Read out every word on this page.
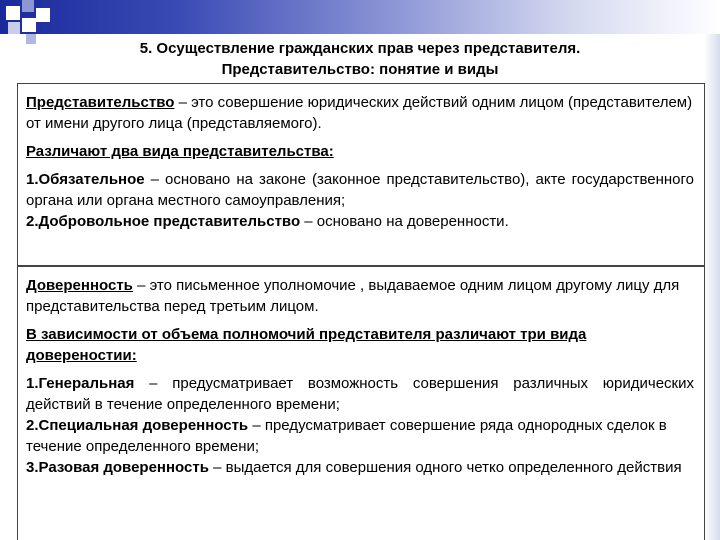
5. Осуществление гражданских прав через представителя.
Представительство: понятие и виды

Представительство – это совершение юридических действий одним лицом (представителем) от имени другого лица (представляемого).

Различают два вида представительства:

1.Обязательное – основано на законе (законное представительство), акте государственного органа или органа местного самоуправления;
2.Добровольное представительство – основано на доверенности.

Доверенность – это письменное уполномочие , выдаваемое одним лицом другому лицу для представительства перед третьим лицом.

В зависимости от объема полномочий представителя различают три вида довереностии:

1.Генеральная – предусматривает возможность совершения различных юридических действий в течение определенного времени;
2.Специальная доверенность – предусматривает совершение ряда однородных сделок в течение определенного времени;
3.Разовая доверенность – выдается для совершения одного четко определенного действия
